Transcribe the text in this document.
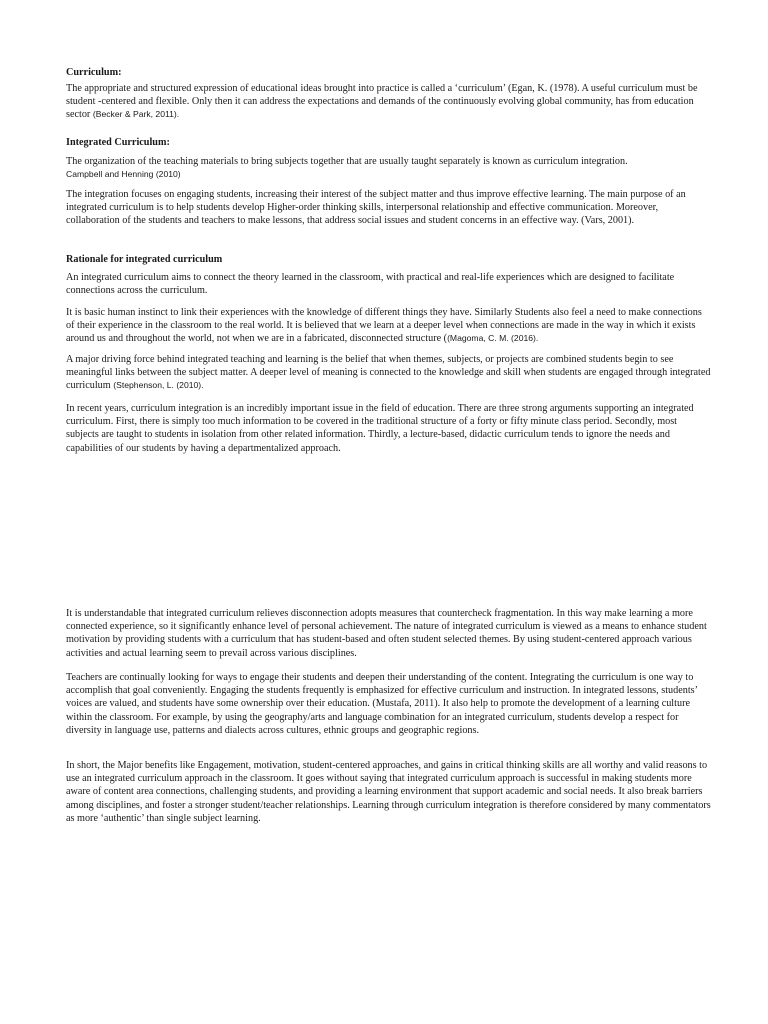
Curriculum:

The appropriate and structured expression of educational ideas brought into practice is called a ‘curriculum’ (Egan, K. (1978). A useful curriculum must be student -centered and flexible. Only then it can address the expectations and demands of the continuously evolving global community, has from education sector (Becker & Park, 2011).

Integrated Curriculum:

The organization of the teaching materials to bring subjects together that are usually taught separately is known as curriculum integration.
Campbell and Henning (2010)

The integration focuses on engaging students, increasing their interest of the subject matter and thus improve effective learning. The main purpose of an integrated curriculum is to help students develop Higher-order thinking skills, interpersonal relationship and effective communication. Moreover, collaboration of the students and teachers to make lessons, that address social issues and student concerns in an effective way. (Vars, 2001).

Rationale for integrated curriculum

An integrated curriculum aims to connect the theory learned in the classroom, with practical and real-life experiences which are designed to facilitate connections across the curriculum.

It is basic human instinct to link their experiences with the knowledge of different things they have. Similarly Students also feel a need to make connections of their experience in the classroom to the real world. It is believed that we learn at a deeper level when connections are made in the way in which it exists around us and throughout the world, not when we are in a fabricated, disconnected structure ((Magoma, C. M. (2016).

A major driving force behind integrated teaching and learning is the belief that when themes, subjects, or projects are combined students begin to see meaningful links between the subject matter. A deeper level of meaning is connected to the knowledge and skill when students are engaged through integrated curriculum (Stephenson, L. (2010).

In recent years, curriculum integration is an incredibly important issue in the field of education. There are three strong arguments supporting an integrated curriculum. First, there is simply too much information to be covered in the traditional structure of a forty or fifty minute class period. Secondly, most subjects are taught to students in isolation from other related information. Thirdly, a lecture-based, didactic curriculum tends to ignore the needs and capabilities of our students by having a departmentalized approach.

It is understandable that integrated curriculum relieves disconnection adopts measures that countercheck fragmentation. In this way make learning a more connected experience, so it significantly enhance level of personal achievement. The nature of integrated curriculum is viewed as a means to enhance student motivation by providing students with a curriculum that has student-based and often student selected themes. By using student-centered approach various activities and actual learning seem to prevail across various disciplines.

Teachers are continually looking for ways to engage their students and deepen their understanding of the content. Integrating the curriculum is one way to accomplish that goal conveniently. Engaging the students frequently is emphasized for effective curriculum and instruction. In integrated lessons, students’ voices are valued, and students have some ownership over their education. (Mustafa, 2011). It also help to promote the development of a learning culture within the classroom. For example, by using the geography/arts and language combination for an integrated curriculum, students develop a respect for diversity in language use, patterns and dialects across cultures, ethnic groups and geographic regions.

In short, the Major benefits like Engagement, motivation, student-centered approaches, and gains in critical thinking skills are all worthy and valid reasons to use an integrated curriculum approach in the classroom. It goes without saying that integrated curriculum approach is successful in making students more aware of content area connections, challenging students, and providing a learning environment that support academic and social needs. It also break barriers among disciplines, and foster a stronger student/teacher relationships. Learning through curriculum integration is therefore considered by many commentators as more ‘authentic’ than single subject learning.
